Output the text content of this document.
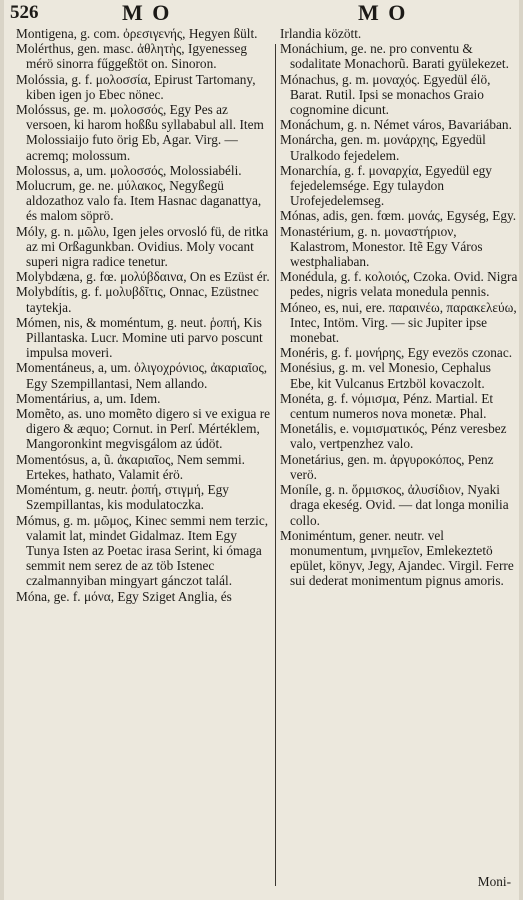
526	M O	M O

Montigena, g. com. ὀρεσιγενής, Hegyen ßült.

Molérthus, gen. masc. ἀθλητὴς, Igyenesseg mérö sinorra fűggeßtöt on. Sinoron.

Molóssia, g. f. μολοσσία, Epirust Tartomany, kiben igen jo Ebec nönec.

Molóssus, ge. m. μολοσσός, Egy Pes az versoen, ki harom hoßßu syllababul all. Item Molossiaijo futo örig Eb, Agar. Virg. — acremq; molossum.

Molossus, a, um. μολοσσός, Molossiabéli.

Molucrum, ge. ne. μύλακος, Negyßegü aldozathoz valo fa. Item Hasnac daganattya, és malom söprö.

Móly, g. n. μῶλυ, Igen jeles orvosló fü, de ritka az mi Orßagunkban. Ovidius. Moly vocant superi nigra radice tenetur.

Molybdæna, g. fœ. μολύβδαινα, On es Ezüst ér.

Molybdítis, g. f. μολυβδῖτις, Onnac, Ezüstnec taytekja.

Mómen, nis, & moméntum, g. neut. ῥοπή, Kis Pillantaska. Lucr. Momine uti parvo poscunt impulsa moveri.

Momentáneus, a, um. ὀλιγοχρόνιος, ἀκαριαῖος, Egy Szempillantasi, Nem allando.

Momentárius, a, um. Idem.

Momẽto, as. uno momẽto digero si ve exigua re digero & æquo; Cornut. in Perſ. Mértéklem, Mangoronkint megvisgálom az údöt.

Momentósus, a, ũ. ἀκαριαῖος, Nem semmi. Ertekes, hathato, Valamit érö.

Moméntum, g. neutr. ῥοπή, στιγμή, Egy Szempillantas, kis modulatoczka.

Mómus, g. m. μῶμος, Kinec semmi nem terzic, valamit lat, mindet Gidalmaz. Item Egy Tunya Isten az Poetac irasa Serint, ki ómaga semmit nem serez de az töb Istenec czalmannyiban mingyart gánczot talál.

Móna, ge. f. μόνα, Egy Sziget Anglia, és

Irlandia között.

Monáchium, ge. ne. pro conventu & sodalitate Monachorũ. Barati gyülekezet.

Mónachus, g. m. μοναχός. Egyedül élö, Barat. Rutil. Ipsi se monachos Graio cognomine dicunt.

Monáchum, g. n. Német város, Bavariában.

Monárcha, gen. m. μονάρχης, Egyedül Uralkodo fejedelem.

Monarchía, g. f. μοναρχία, Egyedül egy fejedelemsége. Egy tulaydon Urofejedelemseg.

Mónas, adis, gen. fœm. μονάς, Egység, Egy.

Monastérium, g. n. μοναστήριον, Kalastrom, Monestor. Itẽ Egy Város westphaliaban.

Monédula, g. f. κολοιός, Czoka. Ovid. Nigra pedes, nigris velata monedula pennis.

Móneo, es, nui, ere. παραινέω, παρακελεύω, Intec, Intöm. Virg. — sic Jupiter ipse monebat.

Monéris, g. f. μονήρης, Egy evezös czonac.

Monésius, g. m. vel Monesio, Cephalus Ebe, kit Vulcanus Ertzböl kovaczolt.

Monéta, g. f. νόμισμα, Pénz. Martial. Et centum numeros nova monetæ. Phal.

Monetális, e. νομισματικός, Pénz veresbez valo, vertpenzhez valo.

Monetárius, gen. m. ἀργυροκόπος, Penz verö.

Moníle, g. n. ὅρμισκος, ἀλυσίδιον, Nyaki draga ekeség. Ovid. — dat longa monilia collo.

Moniméntum, gener. neutr. vel monumentum, μνημεῖον, Emlekeztetö epület, könyv, Jegy, Ajandec. Virgil. Ferre sui dederat monimentum pignus amoris.

Moni-
